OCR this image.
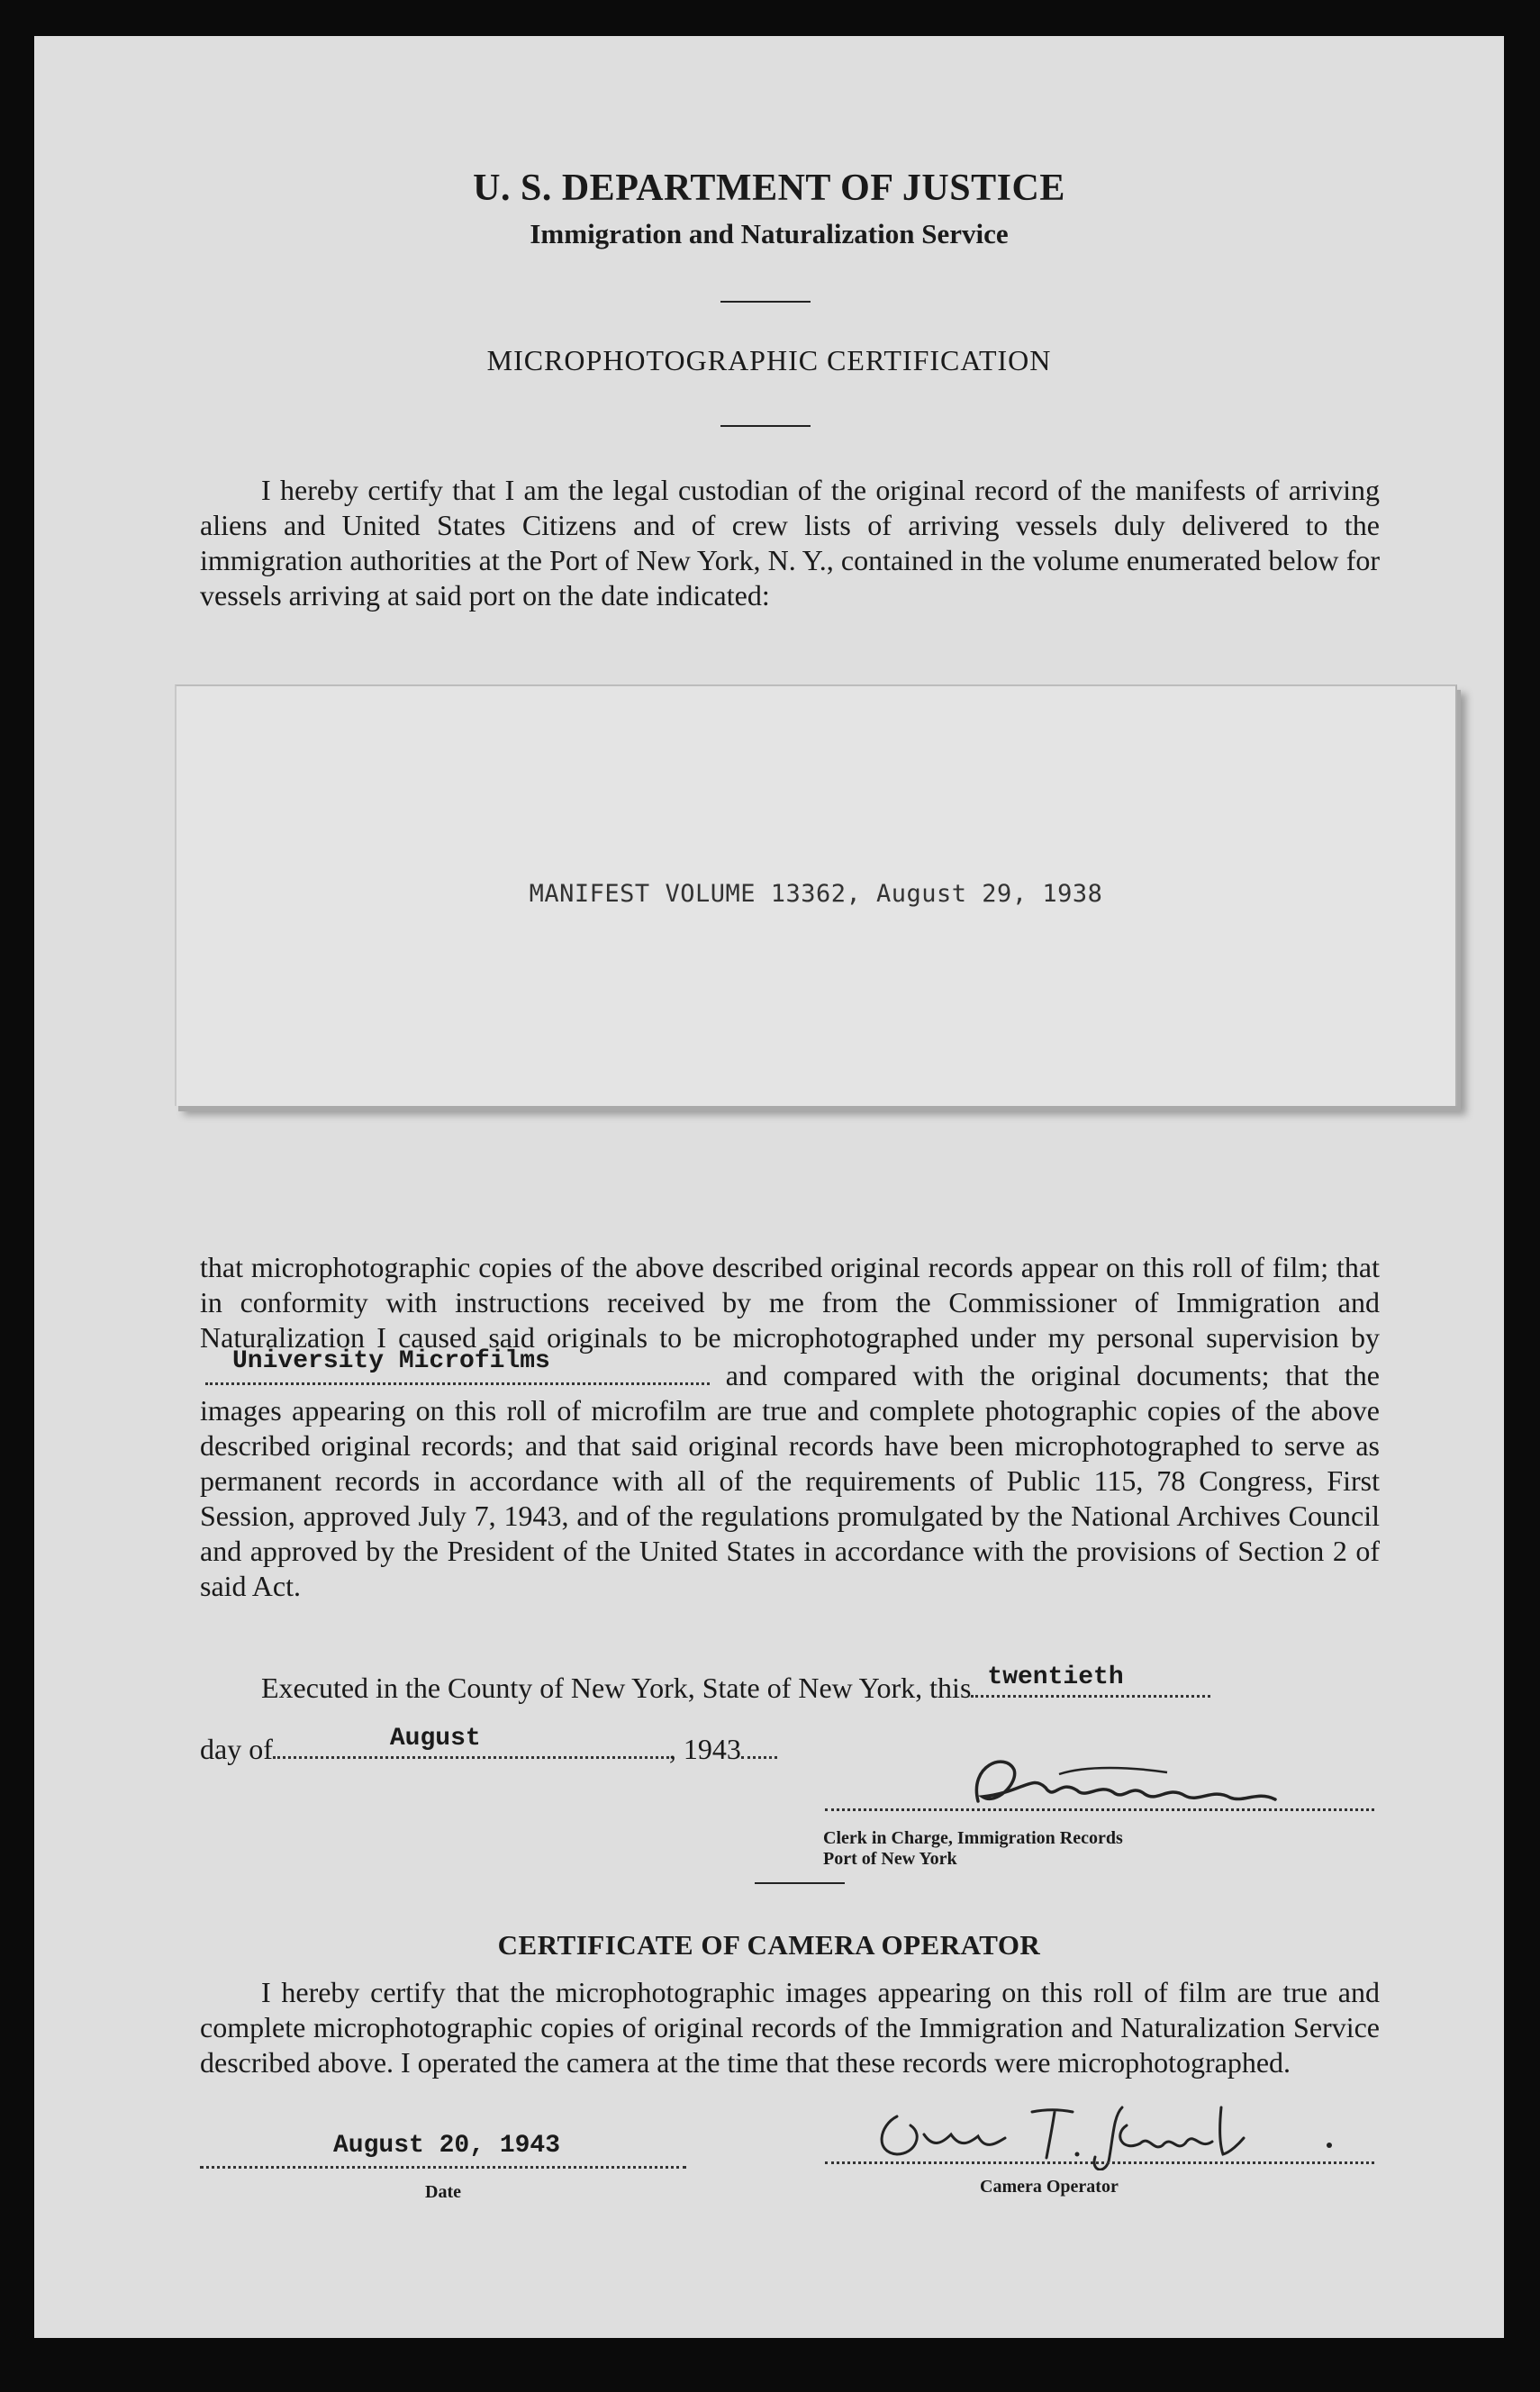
U. S. DEPARTMENT OF JUSTICE
Immigration and Naturalization Service
MICROPHOTOGRAPHIC CERTIFICATION

I hereby certify that I am the legal custodian of the original record of the manifests of arriving aliens and United States Citizens and of crew lists of arriving vessels duly delivered to the immigration authorities at the Port of New York, N. Y., contained in the volume enumerated below for vessels arriving at said port on the date indicated:

MANIFEST VOLUME 13362, August 29, 1938

that microphotographic copies of the above described original records appear on this roll of film; that in conformity with instructions received by me from the Commissioner of Immigration and Naturalization I caused said originals to be microphotographed under my personal supervision by
University Microfilms	and compared with the original documents; that the images appearing on this roll of microfilm are true and complete photographic copies of the above described original records; and that said original records have been microphotographed to serve as permanent records in accordance with all of the requirements of Public 115, 78 Congress, First Session, approved July 7, 1943, and of the regulations promulgated by the National Archives Council and approved by the President of the United States in accordance with the provisions of Section 2 of said Act.

Executed in the County of New York, State of New York, this twentieth
day of	August	, 1943
Clerk in Charge, Immigration Records
Port of New York
CERTIFICATE OF CAMERA OPERATOR

I hereby certify that the microphotographic images appearing on this roll of film are true and complete microphotographic copies of original records of the Immigration and Naturalization Service described above. I operated the camera at the time that these records were microphotographed.

August 20, 1943
Date	Camera Operator
